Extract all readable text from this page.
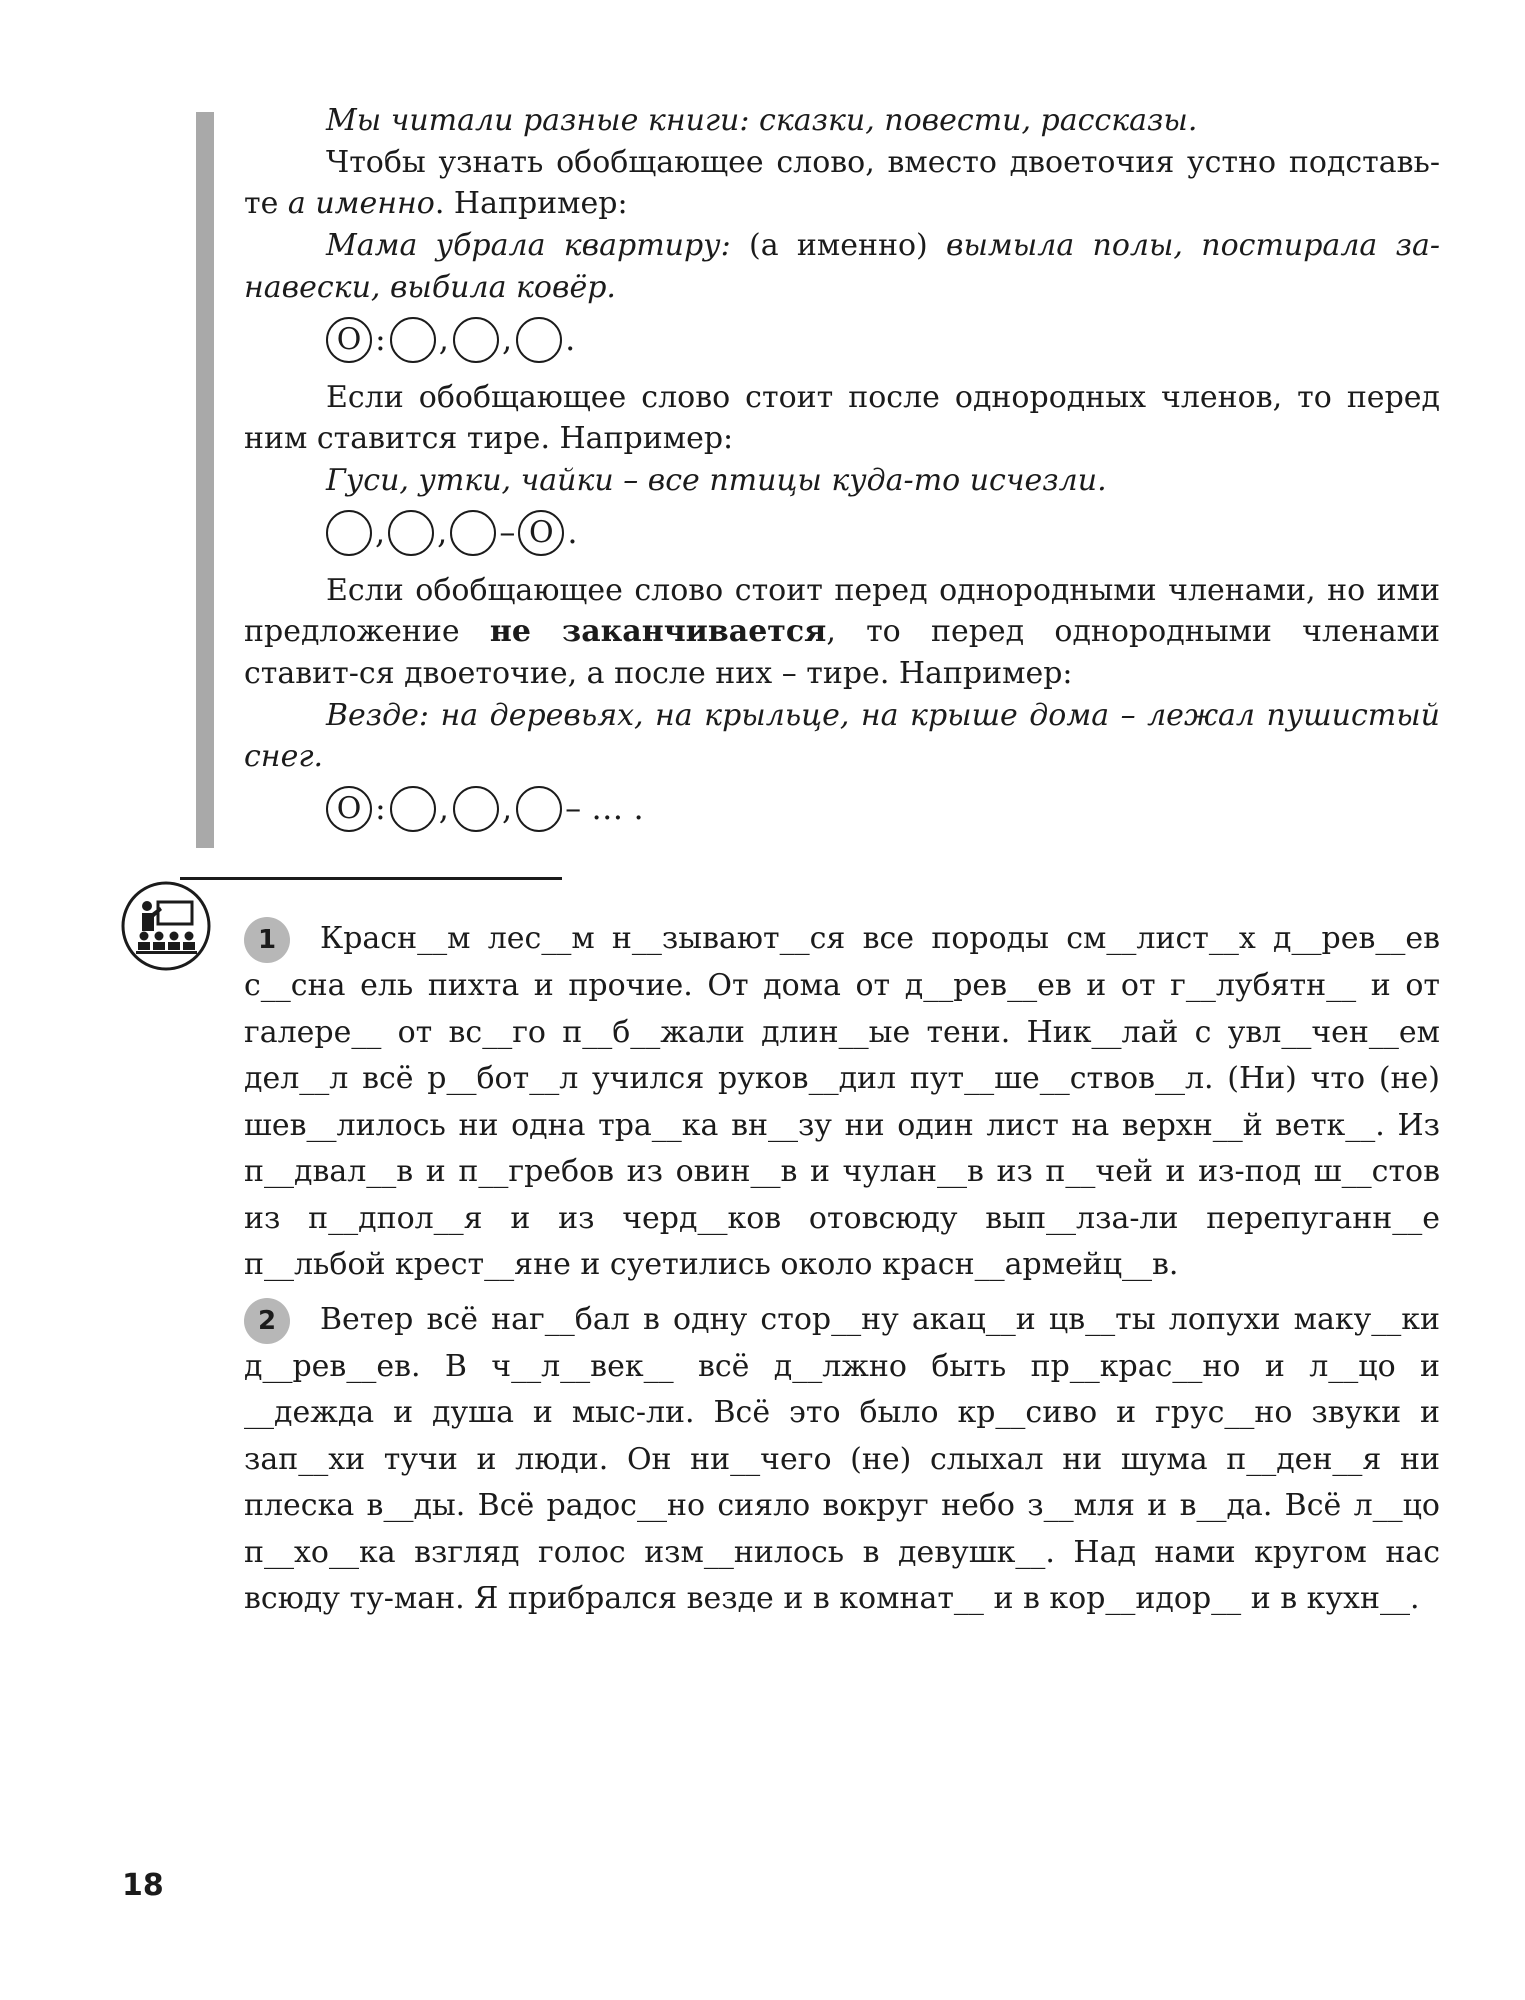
Мы читали разные книги: сказки, повести, рассказы.

Чтобы узнать обобщающее слово, вместо двоеточия устно подставь-те а именно. Например:

Мама убрала квартиру: (а именно) вымыла полы, постирала за-навески, выбила ковёр.

О : , , .

Если обобщающее слово стоит после однородных членов, то перед ним ставится тире. Например:

Гуси, утки, чайки – все птицы куда-то исчезли.

, , – О .

Если обобщающее слово стоит перед однородными членами, но ими предложение не заканчивается, то перед однородными членами ставит-ся двоеточие, а после них – тире. Например:

Везде: на деревьях, на крыльце, на крыше дома – лежал пушистый снег.

О : , , – … .

1 Красн__м лес__м н__зывают__ся все породы см__лист__х д__рев__ев с__сна ель пихта и прочие. От дома от д__рев__ев и от г__лубятн__ и от галере__ от вс__го п__б__жали длин__ые тени. Ник__лай с увл__чен__ем дел__л всё р__бот__л учился руков__дил пут__ше__ствов__л. (Ни) что (не) шев__лилось ни одна тра__ка вн__зу ни один лист на верхн__й ветк__. Из п__двал__в и п__гребов из овин__в и чулан__в из п__чей и из-под ш__стов из п__дпол__я и из черд__ков отовсюду вып__лза-ли перепуганн__е п__льбой крест__яне и суетились около красн__армейц__в.

2 Ветер всё наг__бал в одну стор__ну акац__и цв__ты лопухи маку__ки д__рев__ев. В ч__л__век__ всё д__лжно быть пр__крас__но и л__цо и __дежда и душа и мыс-ли. Всё это было кр__сиво и грус__но звуки и зап__хи тучи и люди. Он ни__чего (не) слыхал ни шума п__ден__я ни плеска в__ды. Всё радос__но сияло вокруг небо з__мля и в__да. Всё л__цо п__хо__ка взгляд голос изм__нилось в девушк__. Над нами кругом нас всюду ту-ман. Я прибрался везде и в комнат__ и в кор__идор__ и в кухн__.

18
